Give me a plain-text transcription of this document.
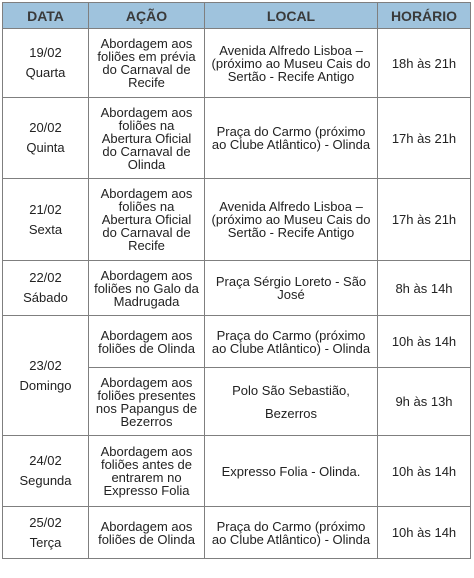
DATA	AÇÃO	LOCAL	HORÁRIO

19/02
Quarta	Abordagem aos foliões em prévia do Carnaval de Recife	Avenida Alfredo Lisboa – (próximo ao Museu Cais do Sertão - Recife Antigo	18h às 21h

20/02
Quinta	Abordagem aos foliões na Abertura Oficial do Carnaval de Olinda	Praça do Carmo (próximo ao Clube Atlântico) - Olinda	17h às 21h

21/02
Sexta	Abordagem aos foliões na Abertura Oficial do Carnaval de Recife	Avenida Alfredo Lisboa – (próximo ao Museu Cais do Sertão - Recife Antigo	17h às 21h

22/02
Sábado	Abordagem aos foliões no Galo da Madrugada	Praça Sérgio Loreto - São José	8h às 14h

23/02
Domingo	Abordagem aos foliões de Olinda	Praça do Carmo (próximo ao Clube Atlântico) - Olinda	10h às 14h
	Abordagem aos foliões presentes nos Papangus de Bezerros	Polo São Sebastião,
Bezerros	9h às 13h

24/02
Segunda	Abordagem aos foliões antes de entrarem no Expresso Folia	Expresso Folia - Olinda.	10h às 14h

25/02
Terça	Abordagem aos foliões de Olinda	Praça do Carmo (próximo ao Clube Atlântico) - Olinda	10h às 14h
